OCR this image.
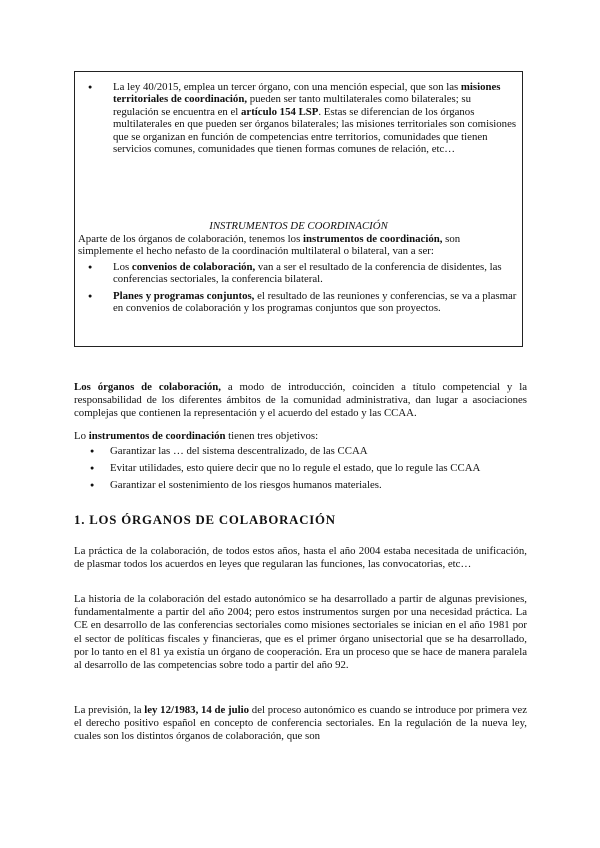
●
La ley 40/2015, emplea un tercer órgano, con una mención especial, que son las misiones territoriales de coordinación, pueden ser tanto multilaterales como bilaterales; su regulación se encuentra en el artículo 154 LSP. Estas se diferencian de los órganos multilaterales en que pueden ser órganos bilaterales; las misiones territoriales son comisiones que se organizan en función de competencias entre territorios, comunidades que tienen servicios comunes, comunidades que tienen formas comunes de relación, etc…
INSTRUMENTOS DE COORDINACIÓN
Aparte de los órganos de colaboración, tenemos los instrumentos de coordinación, son simplemente el hecho nefasto de la coordinación multilateral o bilateral, van a ser:
●
Los convenios de colaboración, van a ser el resultado de la conferencia de disidentes, las conferencias sectoriales, la conferencia bilateral.
●
Planes y programas conjuntos, el resultado de las reuniones y conferencias, se va a plasmar en convenios de colaboración y los programas conjuntos que son proyectos.
Los órganos de colaboración, a modo de introducción, coinciden a título competencial y la responsabilidad de los diferentes ámbitos de la comunidad administrativa, dan lugar a asociaciones complejas que contienen la representación y el acuerdo del estado y las CCAA.
Lo instrumentos de coordinación tienen tres objetivos:
●
Garantizar las … del sistema descentralizado, de las CCAA
●
Evitar utilidades, esto quiere decir que no lo regule el estado, que lo regule las CCAA
●
Garantizar el sostenimiento de los riesgos humanos materiales.
1. LOS ÓRGANOS DE COLABORACIÓN
La práctica de la colaboración, de todos estos años, hasta el año 2004 estaba necesitada de unificación, de plasmar todos los acuerdos en leyes que regularan las funciones, las convocatorias, etc…
La historia de la colaboración del estado autonómico se ha desarrollado a partir de algunas previsiones, fundamentalmente a partir del año 2004; pero estos instrumentos surgen por una necesidad práctica. La CE en desarrollo de las conferencias sectoriales como misiones sectoriales se inician en el año 1981 por el sector de políticas fiscales y financieras, que es el primer órgano unisectorial que se ha desarrollado, por lo tanto en el 81 ya existía un órgano de cooperación. Era un proceso que se hace de manera paralela al desarrollo de las competencias sobre todo a partir del año 92.
La previsión, la ley 12/1983, 14 de julio del proceso autonómico es cuando se introduce por primera vez el derecho positivo español en concepto de conferencia sectoriales. En la regulación de la nueva ley, cuales son los distintos órganos de colaboración, que son
